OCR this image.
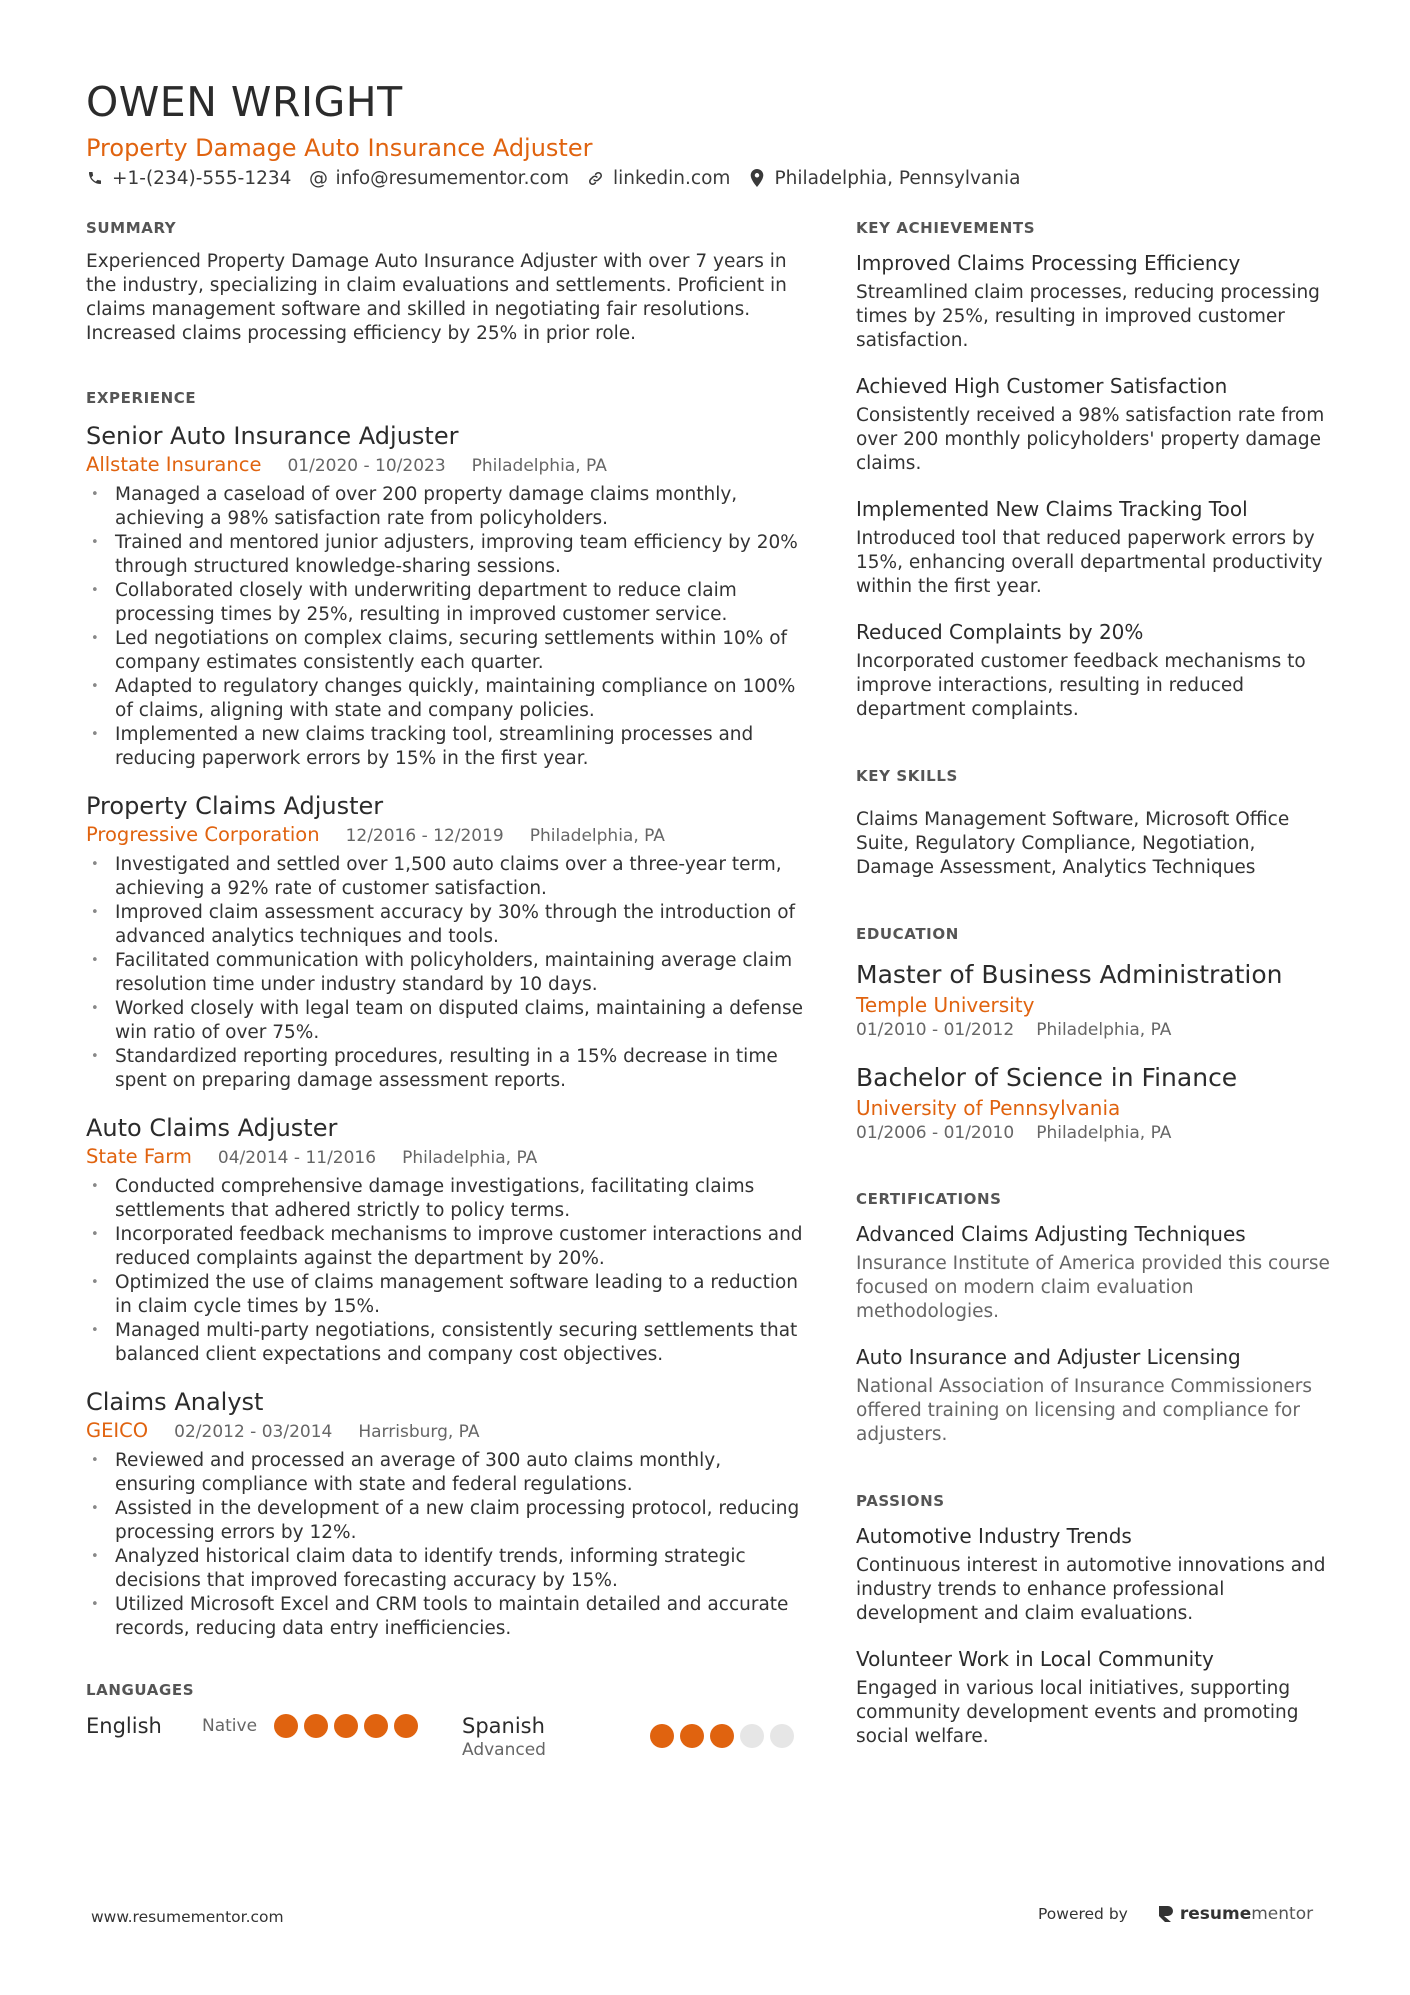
OWEN WRIGHT
Property Damage Auto Insurance Adjuster
+1-(234)-555-1234 @ info@resumementor.com linkedin.com Philadelphia, Pennsylvania
SUMMARY
Experienced Property Damage Auto Insurance Adjuster with over 7 years in the industry, specializing in claim evaluations and settlements. Proficient in claims management software and skilled in negotiating fair resolutions. Increased claims processing efficiency by 25% in prior role.
EXPERIENCE
Senior Auto Insurance Adjuster
Allstate Insurance 01/2020 - 10/2023 Philadelphia, PA
• Managed a caseload of over 200 property damage claims monthly, achieving a 98% satisfaction rate from policyholders.
• Trained and mentored junior adjusters, improving team efficiency by 20% through structured knowledge-sharing sessions.
• Collaborated closely with underwriting department to reduce claim processing times by 25%, resulting in improved customer service.
• Led negotiations on complex claims, securing settlements within 10% of company estimates consistently each quarter.
• Adapted to regulatory changes quickly, maintaining compliance on 100% of claims, aligning with state and company policies.
• Implemented a new claims tracking tool, streamlining processes and reducing paperwork errors by 15% in the first year.
Property Claims Adjuster
Progressive Corporation 12/2016 - 12/2019 Philadelphia, PA
• Investigated and settled over 1,500 auto claims over a three-year term, achieving a 92% rate of customer satisfaction.
• Improved claim assessment accuracy by 30% through the introduction of advanced analytics techniques and tools.
• Facilitated communication with policyholders, maintaining average claim resolution time under industry standard by 10 days.
• Worked closely with legal team on disputed claims, maintaining a defense win ratio of over 75%.
• Standardized reporting procedures, resulting in a 15% decrease in time spent on preparing damage assessment reports.
Auto Claims Adjuster
State Farm 04/2014 - 11/2016 Philadelphia, PA
• Conducted comprehensive damage investigations, facilitating claims settlements that adhered strictly to policy terms.
• Incorporated feedback mechanisms to improve customer interactions and reduced complaints against the department by 20%.
• Optimized the use of claims management software leading to a reduction in claim cycle times by 15%.
• Managed multi-party negotiations, consistently securing settlements that balanced client expectations and company cost objectives.
Claims Analyst
GEICO 02/2012 - 03/2014 Harrisburg, PA
• Reviewed and processed an average of 300 auto claims monthly, ensuring compliance with state and federal regulations.
• Assisted in the development of a new claim processing protocol, reducing processing errors by 12%.
• Analyzed historical claim data to identify trends, informing strategic decisions that improved forecasting accuracy by 15%.
• Utilized Microsoft Excel and CRM tools to maintain detailed and accurate records, reducing data entry inefficiencies.
LANGUAGES
English Native	Spanish
Advanced
KEY ACHIEVEMENTS
Improved Claims Processing Efficiency
Streamlined claim processes, reducing processing times by 25%, resulting in improved customer satisfaction.
Achieved High Customer Satisfaction
Consistently received a 98% satisfaction rate from over 200 monthly policyholders' property damage claims.
Implemented New Claims Tracking Tool
Introduced tool that reduced paperwork errors by 15%, enhancing overall departmental productivity within the first year.
Reduced Complaints by 20%
Incorporated customer feedback mechanisms to improve interactions, resulting in reduced department complaints.
KEY SKILLS
Claims Management Software, Microsoft Office Suite, Regulatory Compliance, Negotiation, Damage Assessment, Analytics Techniques
EDUCATION
Master of Business Administration
Temple University
01/2010 - 01/2012 Philadelphia, PA
Bachelor of Science in Finance
University of Pennsylvania
01/2006 - 01/2010 Philadelphia, PA
CERTIFICATIONS
Advanced Claims Adjusting Techniques
Insurance Institute of America provided this course focused on modern claim evaluation methodologies.
Auto Insurance and Adjuster Licensing
National Association of Insurance Commissioners offered training on licensing and compliance for adjusters.
PASSIONS
Automotive Industry Trends
Continuous interest in automotive innovations and industry trends to enhance professional development and claim evaluations.
Volunteer Work in Local Community
Engaged in various local initiatives, supporting community development events and promoting social welfare.
www.resumementor.com	Powered by	resume mentor
